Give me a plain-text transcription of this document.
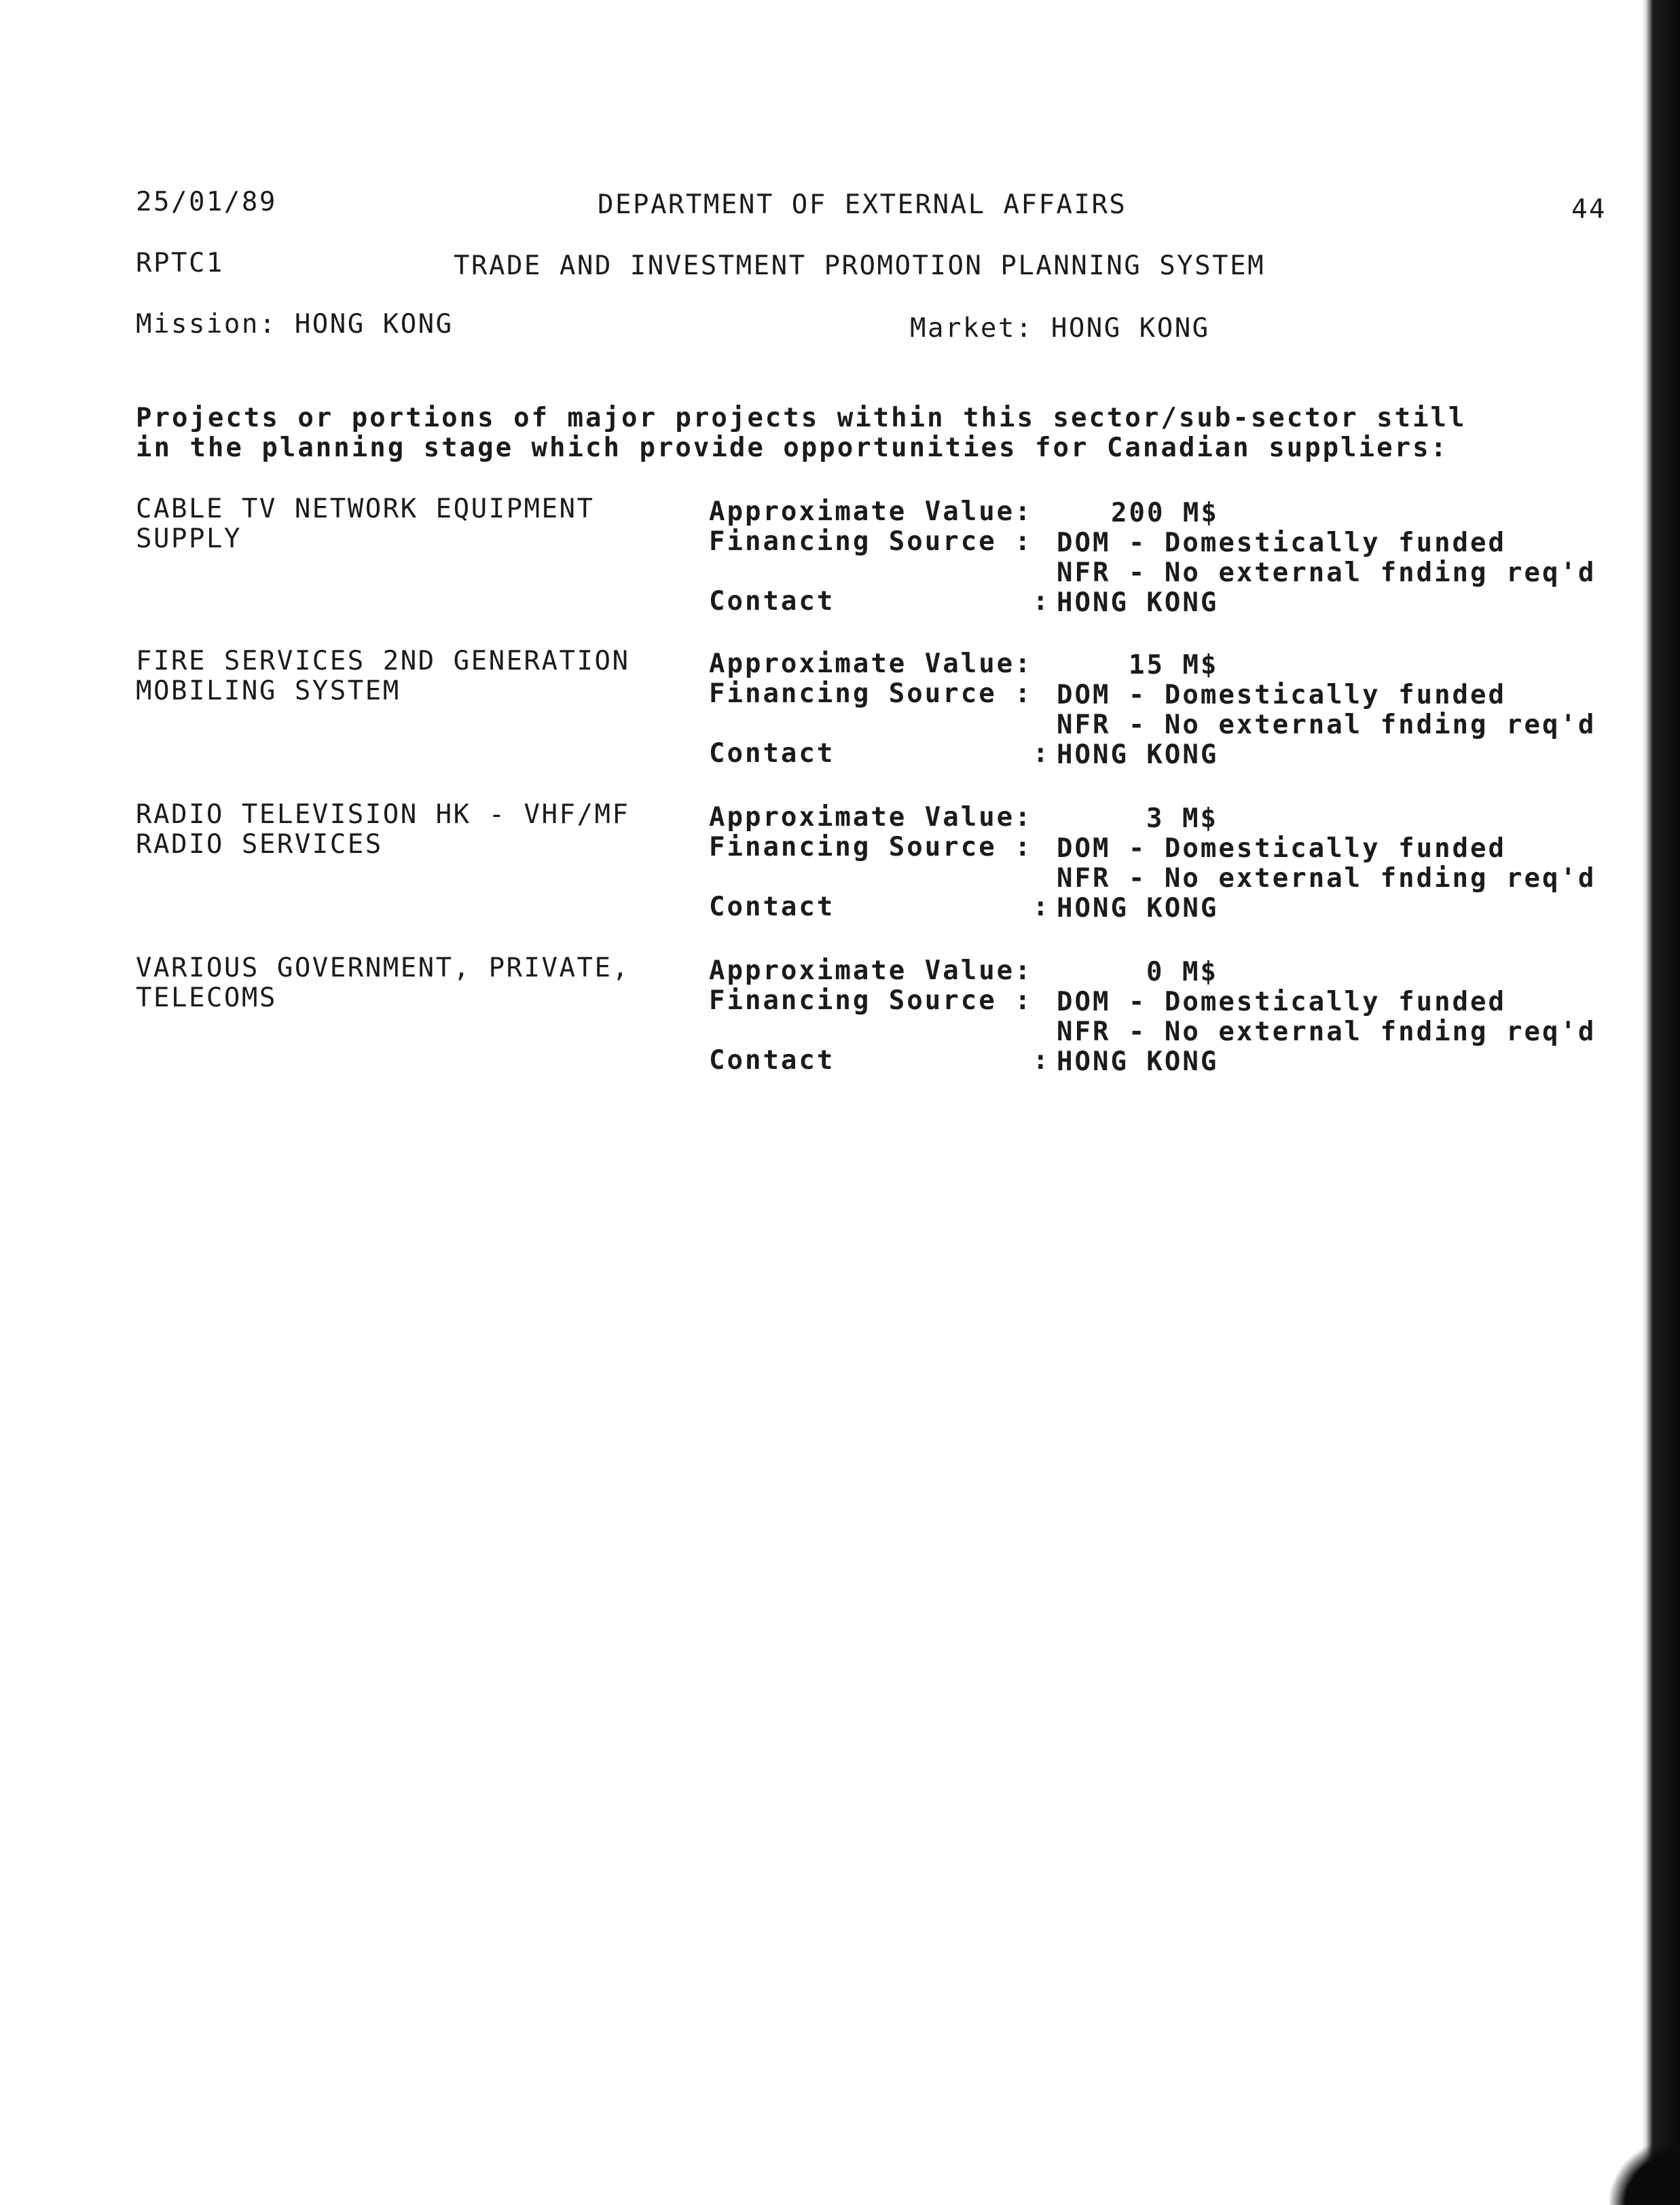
25/01/89	DEPARTMENT OF EXTERNAL AFFAIRS	44
RPTC1	TRADE AND INVESTMENT PROMOTION PLANNING SYSTEM
Mission: HONG KONG	Market: HONG KONG
Projects or portions of major projects within this sector/sub-sector still
in the planning stage which provide opportunities for Canadian suppliers:
CABLE TV NETWORK EQUIPMENT
SUPPLY
Approximate Value:	200 M$
Financing Source : DOM - Domestically funded
NFR - No external fnding req'd
Contact           : HONG KONG
FIRE SERVICES 2ND GENERATION
MOBILING SYSTEM
Approximate Value:	15 M$
Financing Source : DOM - Domestically funded
NFR - No external fnding req'd
Contact           : HONG KONG
RADIO TELEVISION HK - VHF/MF
RADIO SERVICES
Approximate Value:	3 M$
Financing Source : DOM - Domestically funded
NFR - No external fnding req'd
Contact           : HONG KONG
VARIOUS GOVERNMENT, PRIVATE,
TELECOMS
Approximate Value:	0 M$
Financing Source : DOM - Domestically funded
NFR - No external fnding req'd
Contact           : HONG KONG
